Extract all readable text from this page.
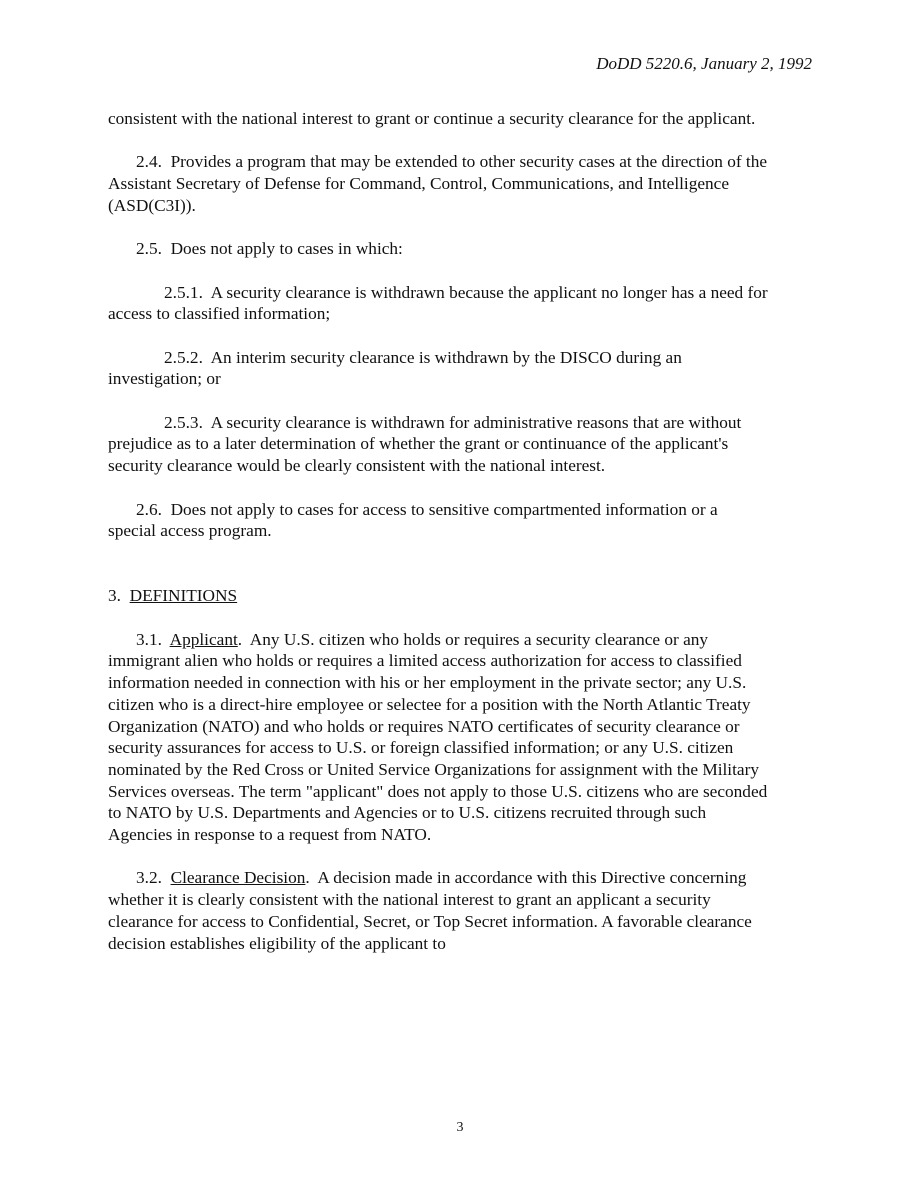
DoDD 5220.6, January 2, 1992

consistent with the national interest to grant or continue a security clearance for the applicant.

2.4. Provides a program that may be extended to other security cases at the direction of the Assistant Secretary of Defense for Command, Control, Communications, and Intelligence (ASD(C3I)).

2.5. Does not apply to cases in which:

2.5.1. A security clearance is withdrawn because the applicant no longer has a need for access to classified information;

2.5.2. An interim security clearance is withdrawn by the DISCO during an investigation; or

2.5.3. A security clearance is withdrawn for administrative reasons that are without prejudice as to a later determination of whether the grant or continuance of the applicant's security clearance would be clearly consistent with the national interest.

2.6. Does not apply to cases for access to sensitive compartmented information or a special access program.

3. DEFINITIONS

3.1. Applicant.  Any U.S. citizen who holds or requires a security clearance or any immigrant alien who holds or requires a limited access authorization for access to classified information needed in connection with his or her employment in the private sector; any U.S. citizen who is a direct-hire employee or selectee for a position with the North Atlantic Treaty Organization (NATO) and who holds or requires NATO certificates of security clearance or security assurances for access to U.S. or foreign classified information; or any U.S. citizen nominated by the Red Cross or United Service Organizations for assignment with the Military Services overseas. The term "applicant" does not apply to those U.S. citizens who are seconded to NATO by U.S. Departments and Agencies or to U.S. citizens recruited through such Agencies in response to a request from NATO.

3.2. Clearance Decision.  A decision made in accordance with this Directive concerning whether it is clearly consistent with the national interest to grant an applicant a security clearance for access to Confidential, Secret, or Top Secret information. A favorable clearance decision establishes eligibility of the applicant to

3
